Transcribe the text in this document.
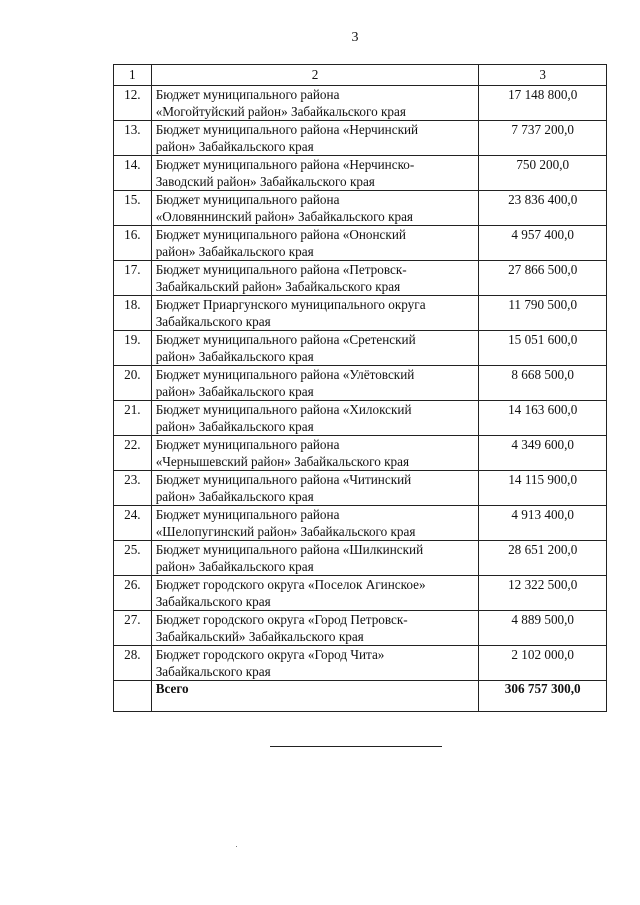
3
1	2	3
12.	Бюджет муниципального района
«Могойтуйский район» Забайкальского края	17 148 800,0
13.	Бюджет муниципального района «Нерчинский
район» Забайкальского края	7 737 200,0
14.	Бюджет муниципального района «Нерчинско-
Заводский район» Забайкальского края	750 200,0
15.	Бюджет муниципального района
«Оловяннинский район» Забайкальского края	23 836 400,0
16.	Бюджет муниципального района «Ононский
район» Забайкальского края	4 957 400,0
17.	Бюджет муниципального района «Петровск-
Забайкальский район» Забайкальского края	27 866 500,0
18.	Бюджет Приаргунского муниципального округа
Забайкальского края	11 790 500,0
19.	Бюджет муниципального района «Сретенский
район» Забайкальского края	15 051 600,0
20.	Бюджет муниципального района «Улётовский
район» Забайкальского края	8 668 500,0
21.	Бюджет муниципального района «Хилокский
район» Забайкальского края	14 163 600,0
22.	Бюджет муниципального района
«Чернышевский район» Забайкальского края	4 349 600,0
23.	Бюджет муниципального района «Читинский
район» Забайкальского края	14 115 900,0
24.	Бюджет муниципального района
«Шелопугинский район» Забайкальского края	4 913 400,0
25.	Бюджет муниципального района «Шилкинский
район» Забайкальского края	28 651 200,0
26.	Бюджет городского округа «Поселок Агинское»
Забайкальского края	12 322 500,0
27.	Бюджет городского округа «Город Петровск-
Забайкальский» Забайкальского края	4 889 500,0
28.	Бюджет городского округа «Город Чита»
Забайкальского края	2 102 000,0
	Всего	306 757 300,0
